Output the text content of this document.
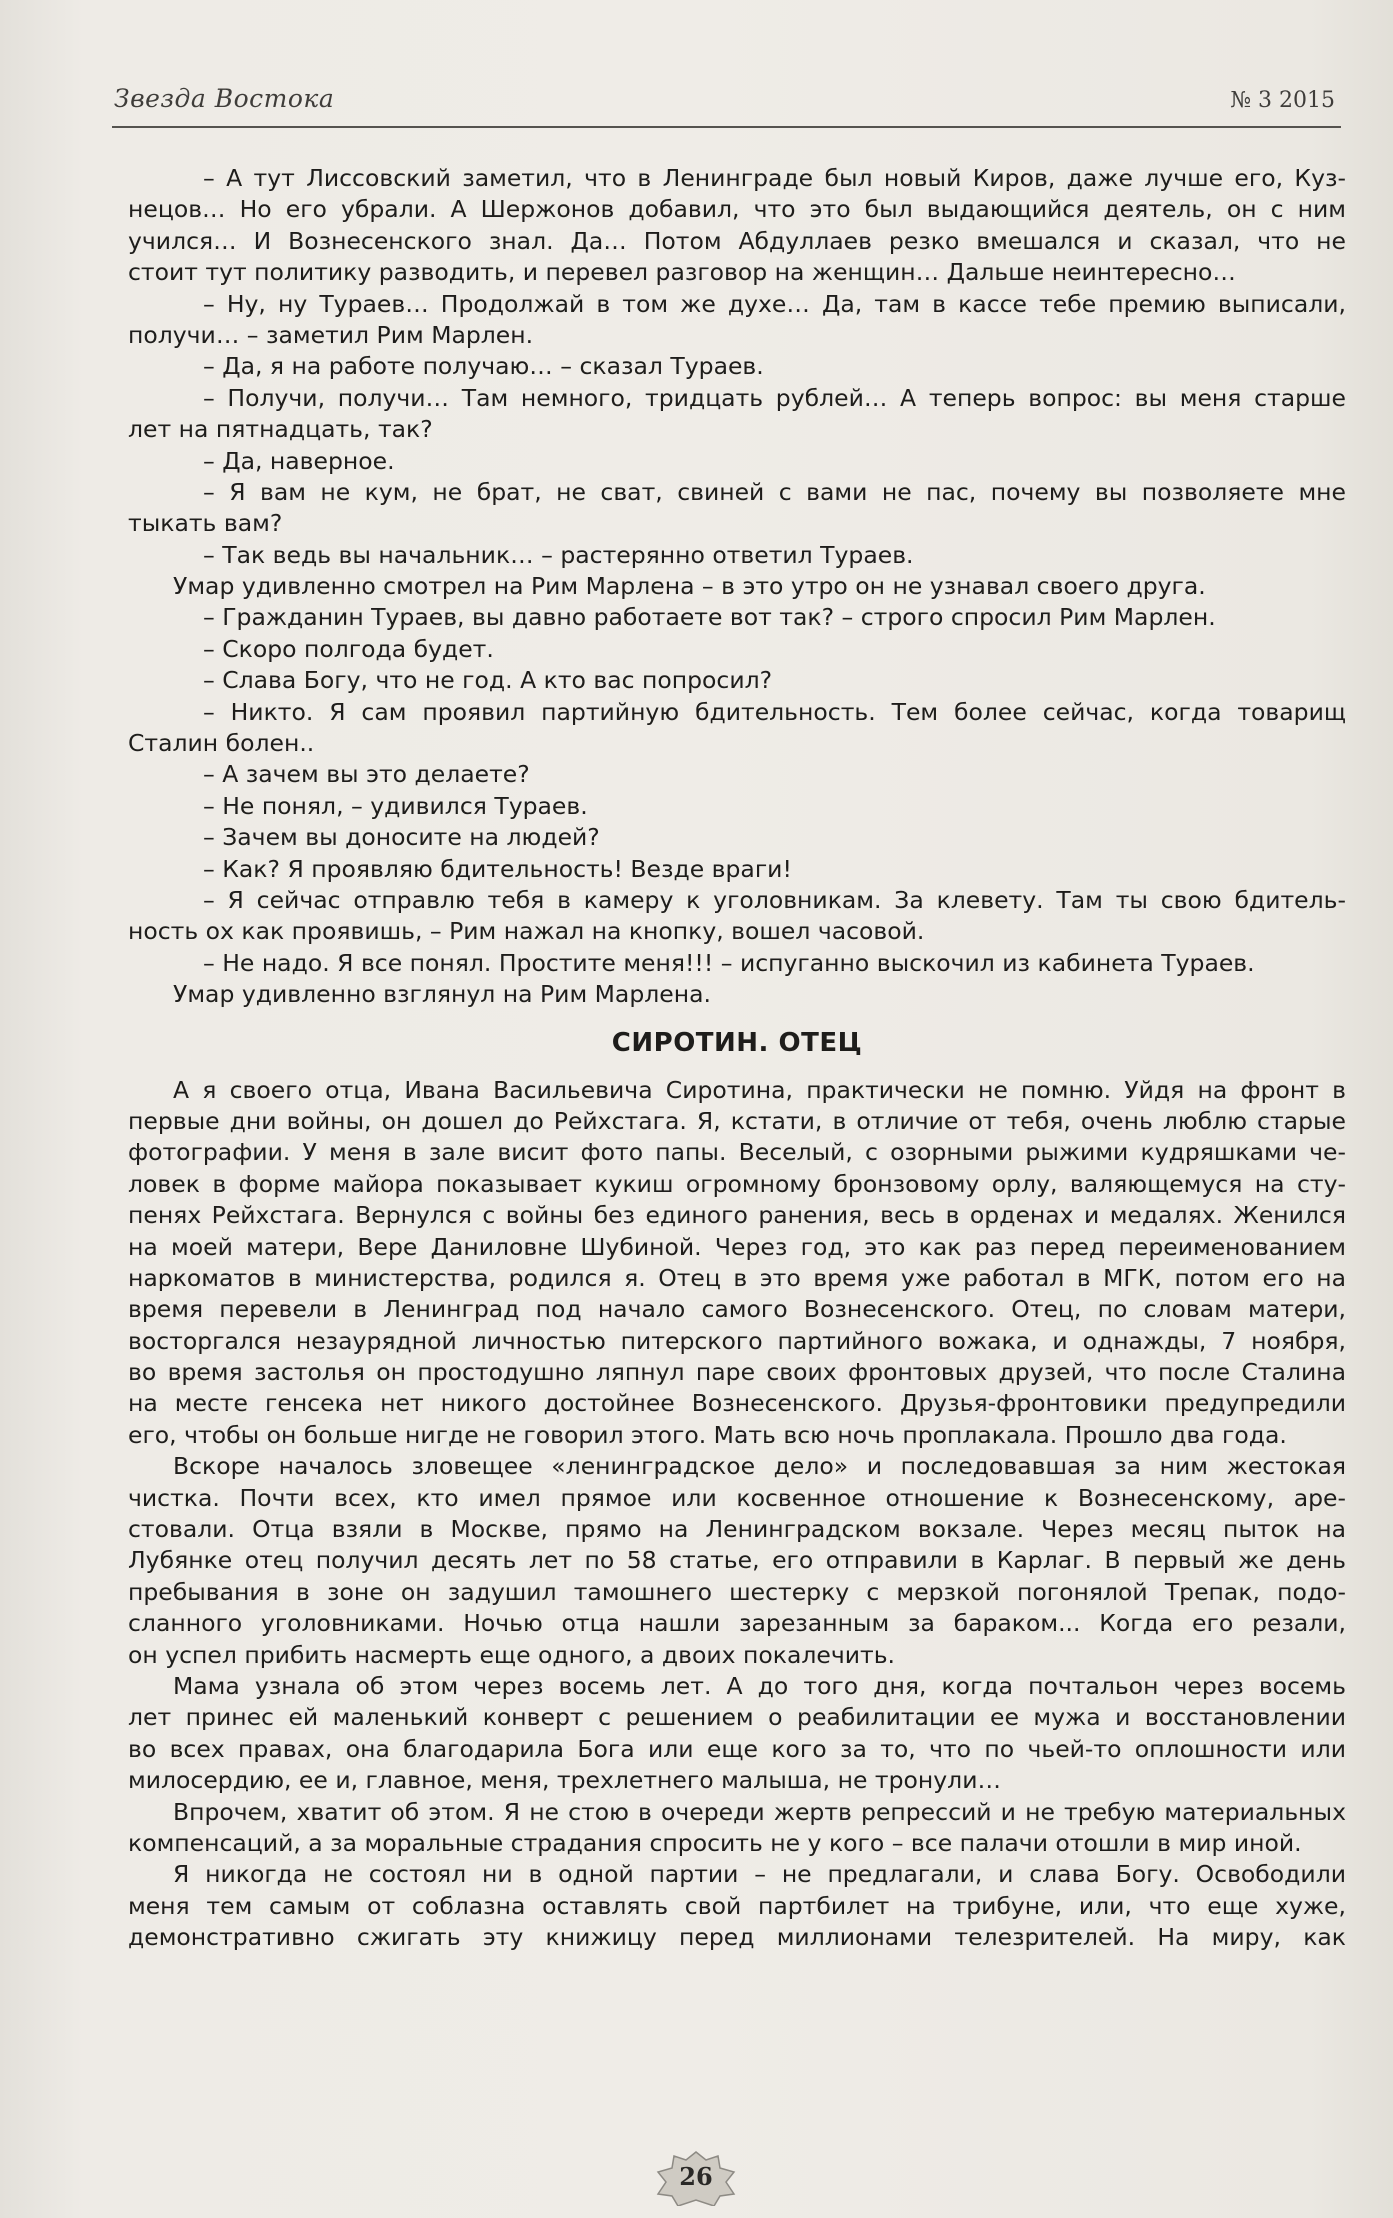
Звезда Востока	№ 3 2015
– А тут Лиссовский заметил, что в Ленинграде был новый Киров, даже лучше его, Куз-
нецов… Но его убрали. А Шержонов добавил, что это был выдающийся деятель, он с ним
учился… И Вознесенского знал. Да… Потом Абдуллаев резко вмешался и сказал, что не
стоит тут политику разводить, и перевел разговор на женщин… Дальше неинтересно…
– Ну, ну Тураев… Продолжай в том же духе… Да, там в кассе тебе премию выписали,
получи… – заметил Рим Марлен.
– Да, я на работе получаю… – сказал Тураев.
– Получи, получи… Там немного, тридцать рублей… А теперь вопрос: вы меня старше
лет на пятнадцать, так?
– Да, наверное.
– Я вам не кум, не брат, не сват, свиней с вами не пас, почему вы позволяете мне
тыкать вам?
– Так ведь вы начальник… – растерянно ответил Тураев.
Умар удивленно смотрел на Рим Марлена – в это утро он не узнавал своего друга.
– Гражданин Тураев, вы давно работаете вот так? – строго спросил Рим Марлен.
– Скоро полгода будет.
– Слава Богу, что не год. А кто вас попросил?
– Никто. Я сам проявил партийную бдительность. Тем более сейчас, когда товарищ
Сталин болен..
– А зачем вы это делаете?
– Не понял, – удивился Тураев.
– Зачем вы доносите на людей?
– Как? Я проявляю бдительность! Везде враги!
– Я сейчас отправлю тебя в камеру к уголовникам. За клевету. Там ты свою бдитель-
ность ох как проявишь, – Рим нажал на кнопку, вошел часовой.
– Не надо. Я все понял. Простите меня!!! – испуганно выскочил из кабинета Тураев.
Умар удивленно взглянул на Рим Марлена.
СИРОТИН. ОТЕЦ
А я своего отца, Ивана Васильевича Сиротина, практически не помню. Уйдя на фронт в
первые дни войны, он дошел до Рейхстага. Я, кстати, в отличие от тебя, очень люблю старые
фотографии. У меня в зале висит фото папы. Веселый, с озорными рыжими кудряшками че-
ловек в форме майора показывает кукиш огромному бронзовому орлу, валяющемуся на сту-
пенях Рейхстага. Вернулся с войны без единого ранения, весь в орденах и медалях. Женился
на моей матери, Вере Даниловне Шубиной. Через год, это как раз перед переименованием
наркоматов в министерства, родился я. Отец в это время уже работал в МГК, потом его на
время перевели в Ленинград под начало самого Вознесенского. Отец, по словам матери,
восторгался незаурядной личностью питерского партийного вожака, и однажды, 7 ноября,
во время застолья он простодушно ляпнул паре своих фронтовых друзей, что после Сталина
на месте генсека нет никого достойнее Вознесенского. Друзья-фронтовики предупредили
его, чтобы он больше нигде не говорил этого. Мать всю ночь проплакала. Прошло два года.
Вскоре началось зловещее «ленинградское дело» и последовавшая за ним жестокая
чистка. Почти всех, кто имел прямое или косвенное отношение к Вознесенскому, аре-
стовали. Отца взяли в Москве, прямо на Ленинградском вокзале. Через месяц пыток на
Лубянке отец получил десять лет по 58 статье, его отправили в Карлаг. В первый же день
пребывания в зоне он задушил тамошнего шестерку с мерзкой погонялой Трепак, подо-
сланного уголовниками. Ночью отца нашли зарезанным за бараком... Когда его резали,
он успел прибить насмерть еще одного, а двоих покалечить.
Мама узнала об этом через восемь лет. А до того дня, когда почтальон через восемь
лет принес ей маленький конверт с решением о реабилитации ее мужа и восстановлении
во всех правах, она благодарила Бога или еще кого за то, что по чьей-то оплошности или
милосердию, ее и, главное, меня, трехлетнего малыша, не тронули…
Впрочем, хватит об этом. Я не стою в очереди жертв репрессий и не требую материальных
компенсаций, а за моральные страдания спросить не у кого – все палачи отошли в мир иной.
Я никогда не состоял ни в одной партии – не предлагали, и слава Богу. Освободили
меня тем самым от соблазна оставлять свой партбилет на трибуне, или, что еще хуже,
демонстративно сжигать эту книжицу перед миллионами телезрителей. На миру, как
26
